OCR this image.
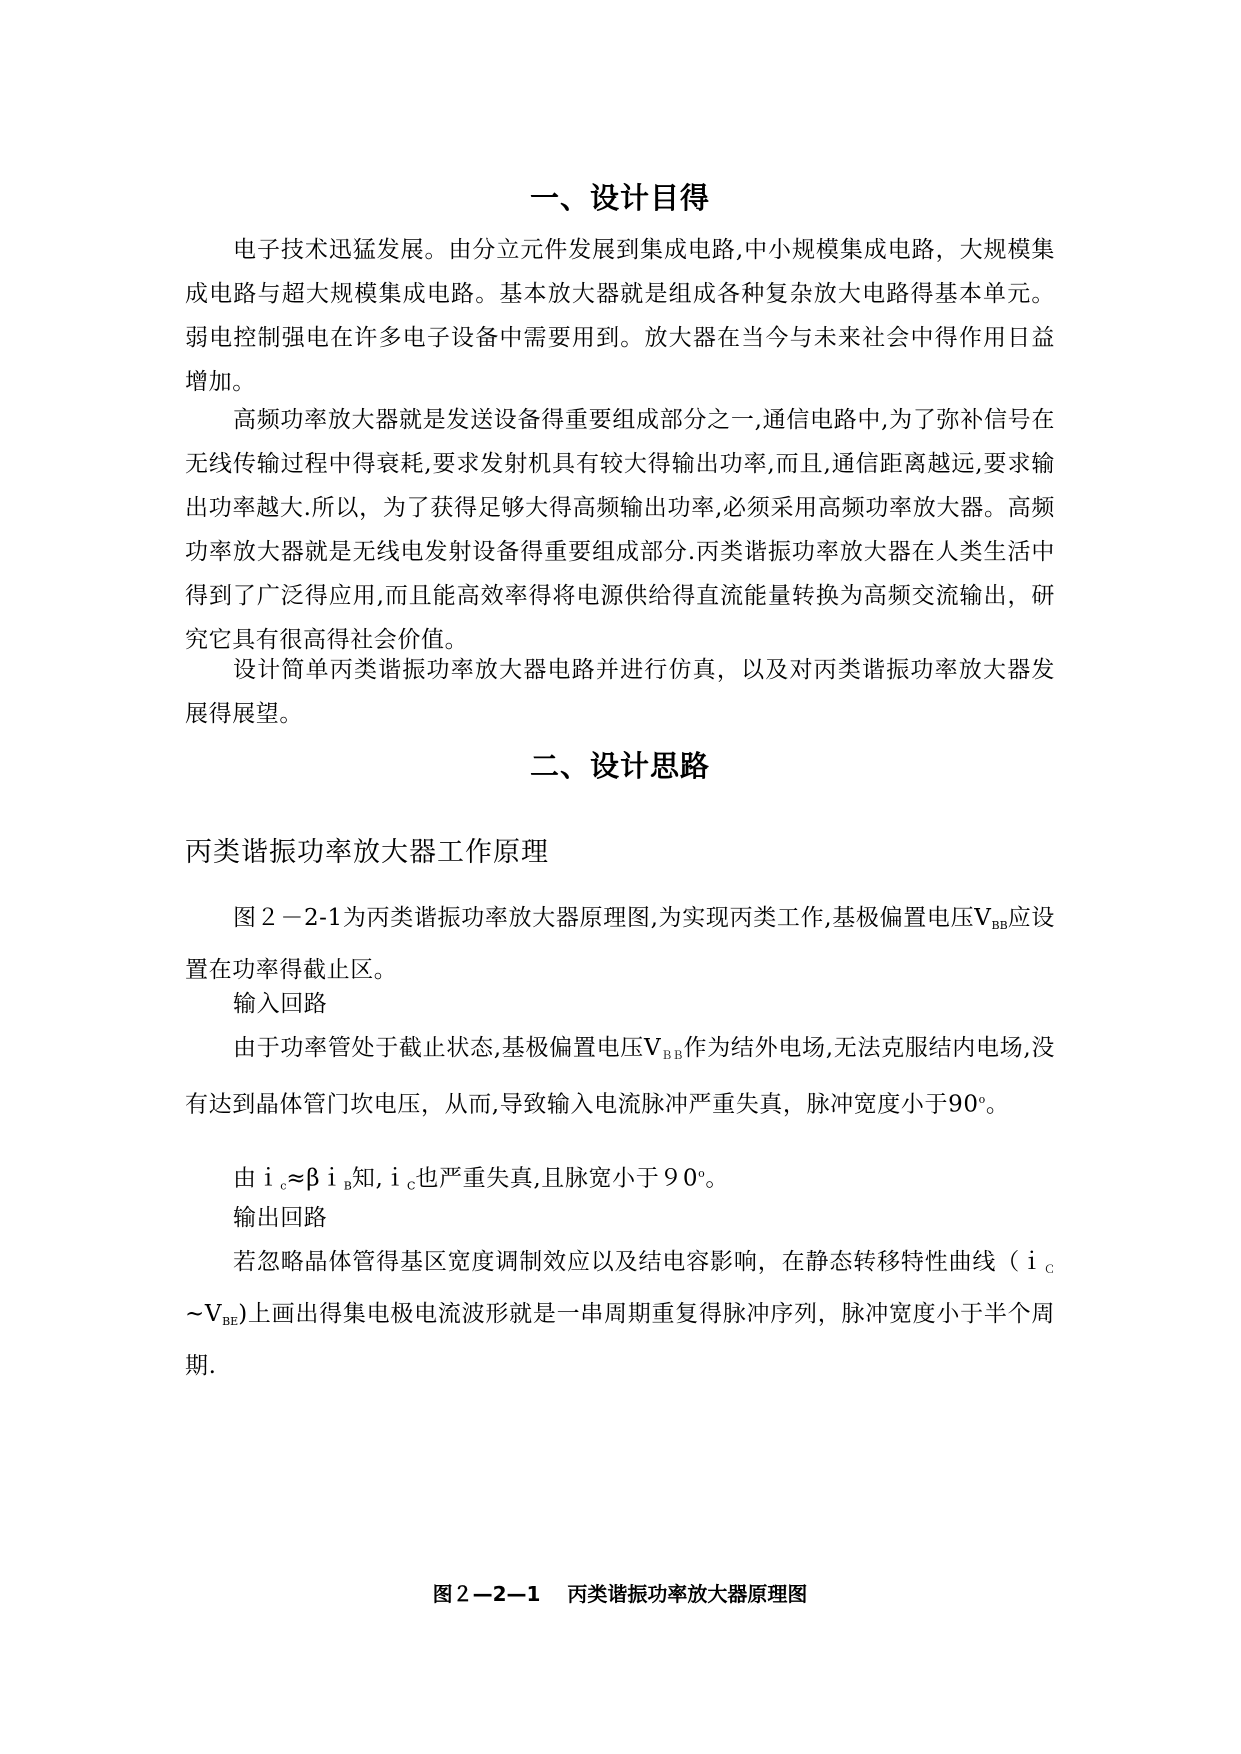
一、设计目得

电子技术迅猛发展。由分立元件发展到集成电路,中小规模集成电路，大规模集成电路与超大规模集成电路。基本放大器就是组成各种复杂放大电路得基本单元。弱电控制强电在许多电子设备中需要用到。放大器在当今与未来社会中得作用日益增加。

高频功率放大器就是发送设备得重要组成部分之一,通信电路中,为了弥补信号在无线传输过程中得衰耗,要求发射机具有较大得输出功率,而且,通信距离越远,要求输出功率越大.所以，为了获得足够大得高频输出功率,必须采用高频功率放大器。高频功率放大器就是无线电发射设备得重要组成部分.丙类谐振功率放大器在人类生活中得到了广泛得应用,而且能高效率得将电源供给得直流能量转换为高频交流输出，研究它具有很高得社会价值。

设计简单丙类谐振功率放大器电路并进行仿真，以及对丙类谐振功率放大器发展得展望。

二、设计思路
丙类谐振功率放大器工作原理

图２－2-1为丙类谐振功率放大器原理图,为实现丙类工作,基极偏置电压$V_{BB}$应设置在功率得截止区。

输入回路

由于功率管处于截止状态,基极偏置电压$V_{BB}$作为结外电场,无法克服结内电场,没有达到晶体管门坎电压，从而,导致输入电流脉冲严重失真，脉冲宽度小于90$^o$。

由ｉ$_c$≈βｉ$_B$知,ｉ$_C$也严重失真,且脉宽小于９0$^o$。

输出回路

若忽略晶体管得基区宽度调制效应以及结电容影响，在静态转移特性曲线$(i_C\sim V_{BE})$上画出得集电极电流波形就是一串周期重复得脉冲序列，脉冲宽度小于半个周期.

图２—2—1　 丙类谐振功率放大器原理图
